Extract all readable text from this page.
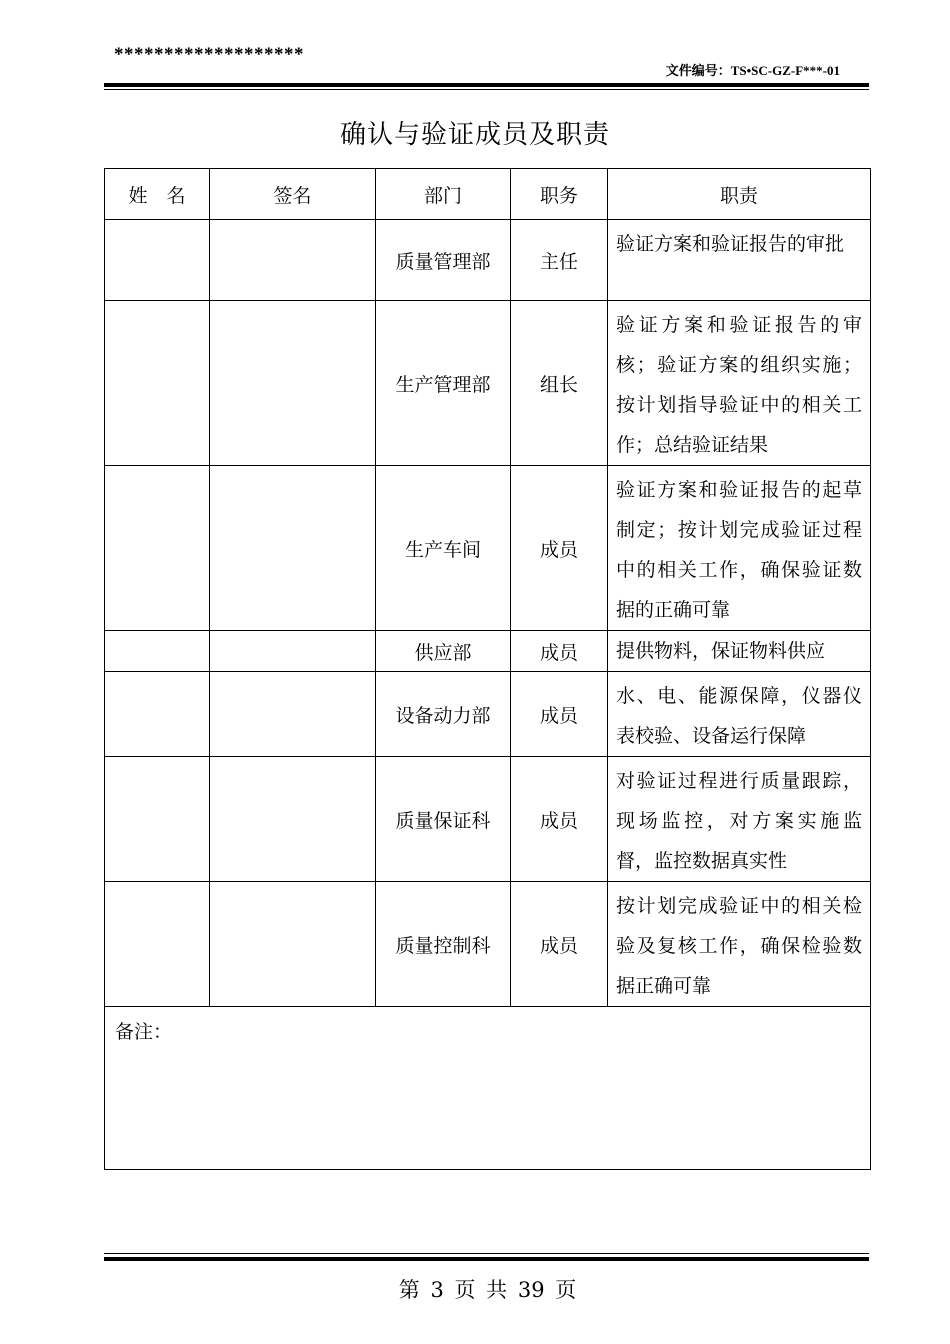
*******************
文件编号：TS•SC-GZ-F***-01
确认与验证成员及职责
姓　名	签名	部门	职务	职责
		质量管理部	主任	验证方案和验证报告的审批
		生产管理部	组长	验证方案和验证报告的审核；验证方案的组织实施；按计划指导验证中的相关工作；总结验证结果
		生产车间	成员	验证方案和验证报告的起草制定；按计划完成验证过程中的相关工作，确保验证数据的正确可靠
		供应部	成员	提供物料，保证物料供应
		设备动力部	成员	水、电、能源保障，仪器仪表校验、设备运行保障
		质量保证科	成员	对验证过程进行质量跟踪，现场监控，对方案实施监督，监控数据真实性
		质量控制科	成员	按计划完成验证中的相关检验及复核工作，确保检验数据正确可靠
备注：				
第 3 页 共 39 页
